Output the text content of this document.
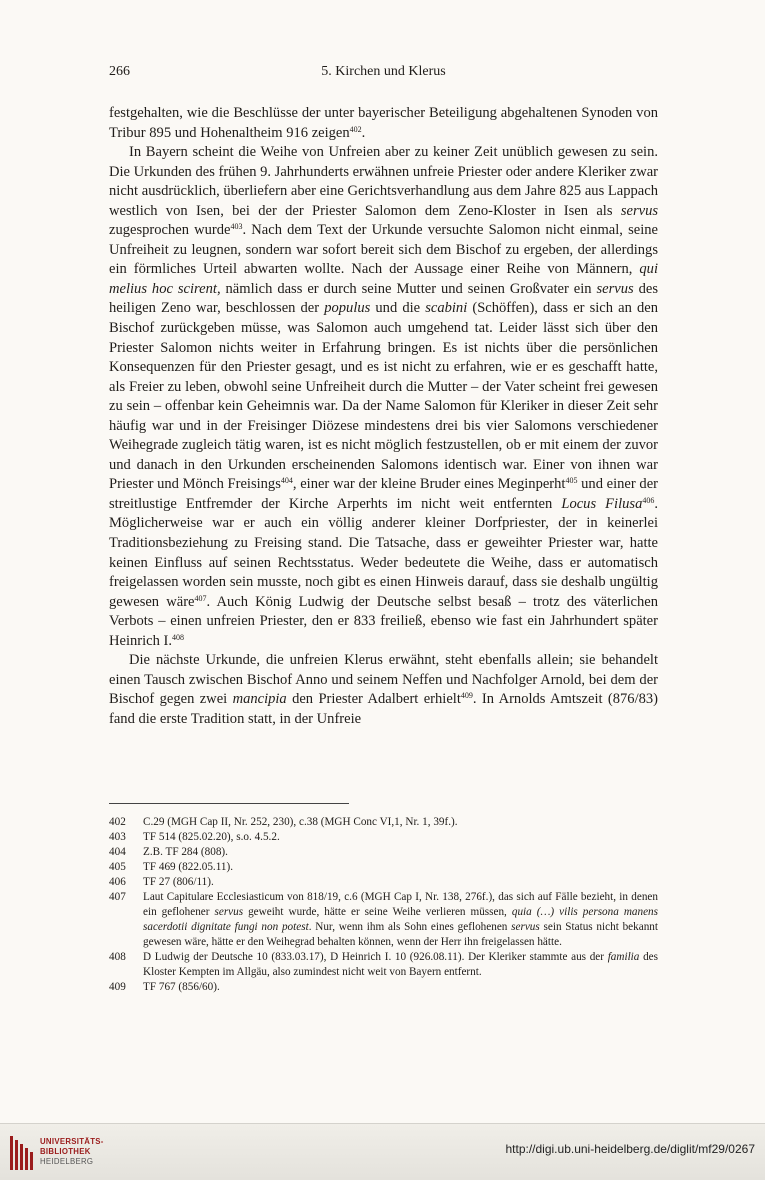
266	5. Kirchen und Klerus

festgehalten, wie die Beschlüsse der unter bayerischer Beteiligung abgehaltenen Synoden von Tribur 895 und Hohenaltheim 916 zeigen$^{402}$.

In Bayern scheint die Weihe von Unfreien aber zu keiner Zeit unüblich gewesen zu sein. Die Urkunden des frühen 9. Jahrhunderts erwähnen unfreie Priester oder andere Kleriker zwar nicht ausdrücklich, überliefern aber eine Gerichtsverhandlung aus dem Jahre 825 aus Lappach westlich von Isen, bei der der Priester Salomon dem Zeno-Kloster in Isen als servus zugesprochen wurde$^{403}$. Nach dem Text der Urkunde versuchte Salomon nicht einmal, seine Unfreiheit zu leugnen, sondern war sofort bereit sich dem Bischof zu ergeben, der allerdings ein förmliches Urteil abwarten wollte. Nach der Aussage einer Reihe von Männern, qui melius hoc scirent, nämlich dass er durch seine Mutter und seinen Großvater ein servus des heiligen Zeno war, beschlossen der populus und die scabini (Schöffen), dass er sich an den Bischof zurückgeben müsse, was Salomon auch umgehend tat. Leider lässt sich über den Priester Salomon nichts weiter in Erfahrung bringen. Es ist nichts über die persönlichen Konsequenzen für den Priester gesagt, und es ist nicht zu erfahren, wie er es geschafft hatte, als Freier zu leben, obwohl seine Unfreiheit durch die Mutter – der Vater scheint frei gewesen zu sein – offenbar kein Geheimnis war. Da der Name Salomon für Kleriker in dieser Zeit sehr häufig war und in der Freisinger Diözese mindestens drei bis vier Salomons verschiedener Weihegrade zugleich tätig waren, ist es nicht möglich festzustellen, ob er mit einem der zuvor und danach in den Urkunden erscheinenden Salomons identisch war. Einer von ihnen war Priester und Mönch Freisings$^{404}$, einer war der kleine Bruder eines Meginperht$^{405}$ und einer der streitlustige Entfremder der Kirche Arperhts im nicht weit entfernten Locus Filusa$^{406}$. Möglicherweise war er auch ein völlig anderer kleiner Dorfpriester, der in keinerlei Traditionsbeziehung zu Freising stand. Die Tatsache, dass er geweihter Priester war, hatte keinen Einfluss auf seinen Rechtsstatus. Weder bedeutete die Weihe, dass er automatisch freigelassen worden sein musste, noch gibt es einen Hinweis darauf, dass sie deshalb ungültig gewesen wäre$^{407}$. Auch König Ludwig der Deutsche selbst besaß – trotz des väterlichen Verbots – einen unfreien Priester, den er 833 freiließ, ebenso wie fast ein Jahrhundert später Heinrich I.$^{408}$

Die nächste Urkunde, die unfreien Klerus erwähnt, steht ebenfalls allein; sie behandelt einen Tausch zwischen Bischof Anno und seinem Neffen und Nachfolger Arnold, bei dem der Bischof gegen zwei mancipia den Priester Adalbert erhielt$^{409}$. In Arnolds Amtszeit (876/83) fand die erste Tradition statt, in der Unfreie

402	C.29 (MGH Cap II, Nr. 252, 230), c.38 (MGH Conc VI,1, Nr. 1, 39f.).
403	TF 514 (825.02.20), s.o. 4.5.2.
404	Z.B. TF 284 (808).
405	TF 469 (822.05.11).
406	TF 27 (806/11).
407	Laut Capitulare Ecclesiasticum von 818/19, c.6 (MGH Cap I, Nr. 138, 276f.), das sich auf Fälle bezieht, in denen ein geflohener servus geweiht wurde, hätte er seine Weihe verlieren müssen, quia (…) vilis persona manens sacerdotii dignitate fungi non potest. Nur, wenn ihm als Sohn eines geflohenen servus sein Status nicht bekannt gewesen wäre, hätte er den Weihegrad behalten können, wenn der Herr ihn freigelassen hätte.
408	D Ludwig der Deutsche 10 (833.03.17), D Heinrich I. 10 (926.08.11). Der Kleriker stammte aus der familia des Kloster Kempten im Allgäu, also zumindest nicht weit von Bayern entfernt.
409	TF 767 (856/60).
UNIVERSITÄTS-
BIBLIOTHEK
HEIDELBERG
http://digi.ub.uni-heidelberg.de/diglit/mf29/0267
